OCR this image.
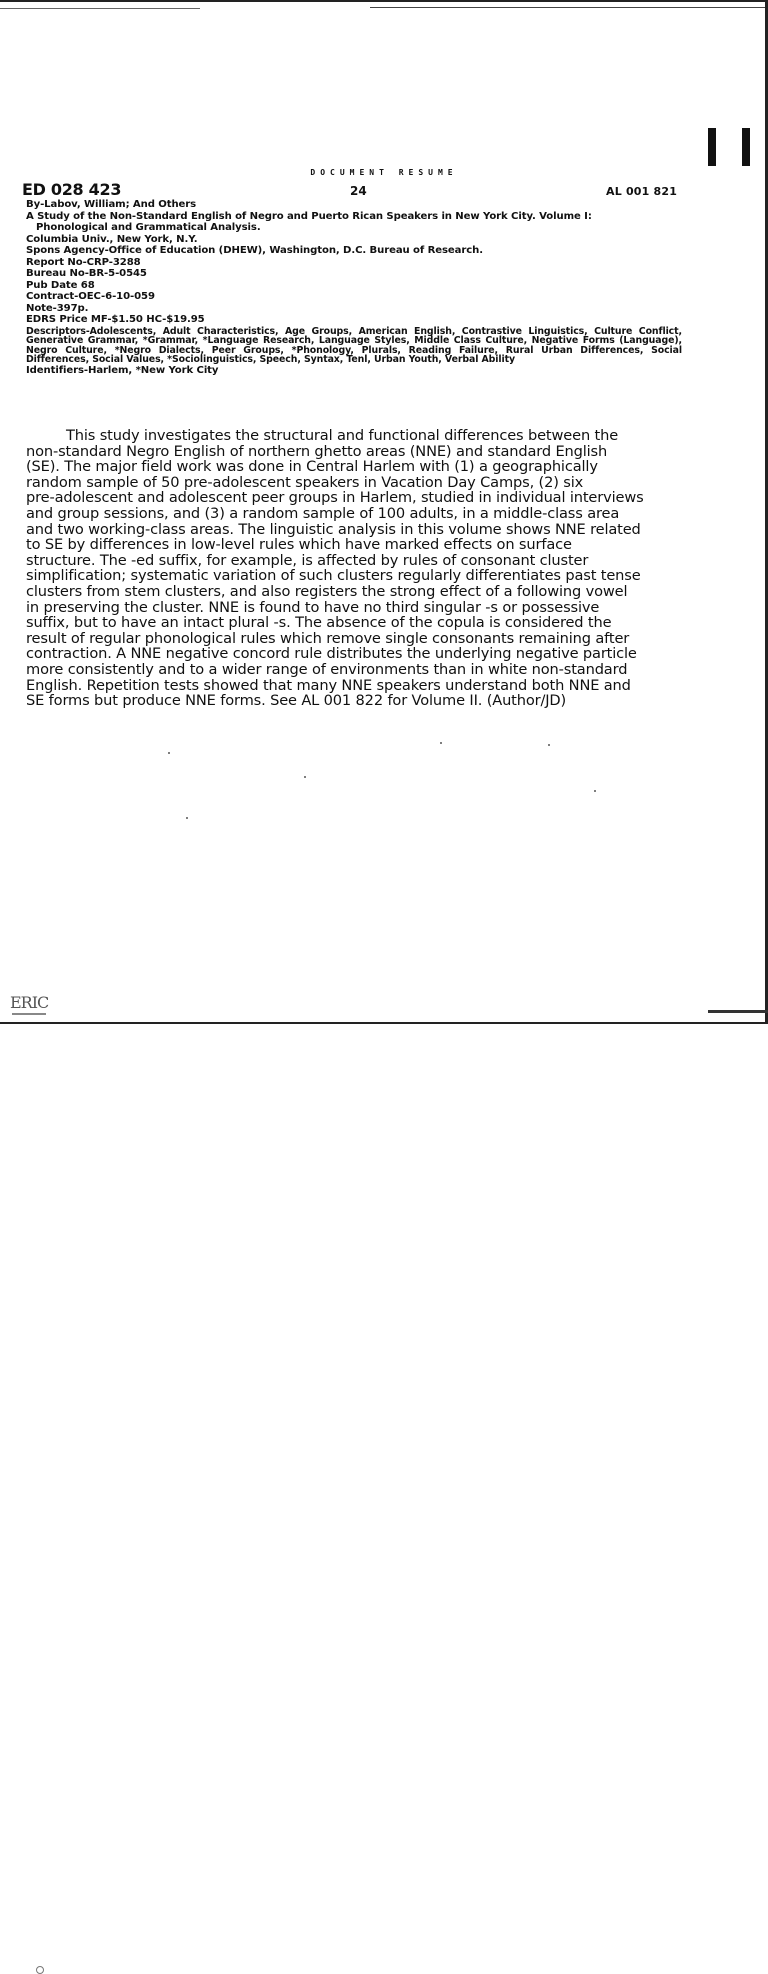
DOCUMENT RESUME
ED 028 423	24	AL 001 821
By-Labov, William; And Others
A Study of the Non-Standard English of Negro and Puerto Rican Speakers in New York City. Volume I:
Phonological and Grammatical Analysis.
Columbia Univ., New York, N.Y.
Spons Agency-Office of Education (DHEW), Washington, D.C. Bureau of Research.
Report No-CRP-3288
Bureau No-BR-5-0545
Pub Date 68
Contract-OEC-6-10-059
Note-397p.
EDRS Price MF-$1.50 HC-$19.95
Descriptors-Adolescents, Adult Characteristics, Age Groups, American English, Contrastive Linguistics, Culture Conflict, Generative Grammar, *Grammar, *Language Research, Language Styles, Middle Class Culture, Negative Forms (Language), Negro Culture, *Negro Dialects, Peer Groups, *Phonology, Plurals, Reading Failure, Rural Urban Differences, Social Differences, Social Values, *Sociolinguistics, Speech, Syntax, Tenl, Urban Youth, Verbal Ability
Identifiers-Harlem, *New York City
This study investigates the structural and functional differences between the
non-standard Negro English of northern ghetto areas (NNE) and standard English
(SE). The major field work was done in Central Harlem with (1) a geographically
random sample of 50 pre-adolescent speakers in Vacation Day Camps, (2) six
pre-adolescent and adolescent peer groups in Harlem, studied in individual interviews
and group sessions, and (3) a random sample of 100 adults, in a middle-class area
and two working-class areas. The linguistic analysis in this volume shows NNE related
to SE by differences in low-level rules which have marked effects on surface
structure. The -ed suffix, for example, is affected by rules of consonant cluster
simplification; systematic variation of such clusters regularly differentiates past tense
clusters from stem clusters, and also registers the strong effect of a following vowel
in preserving the cluster. NNE is found to have no third singular -s or possessive
suffix, but to have an intact plural -s. The absence of the copula is considered the
result of regular phonological rules which remove single consonants remaining after
contraction. A NNE negative concord rule distributes the underlying negative particle
more consistently and to a wider range of environments than in white non-standard
English. Repetition tests showed that many NNE speakers understand both NNE and
SE forms but produce NNE forms. See AL 001 822 for Volume II. (Author/JD)
ERIC
